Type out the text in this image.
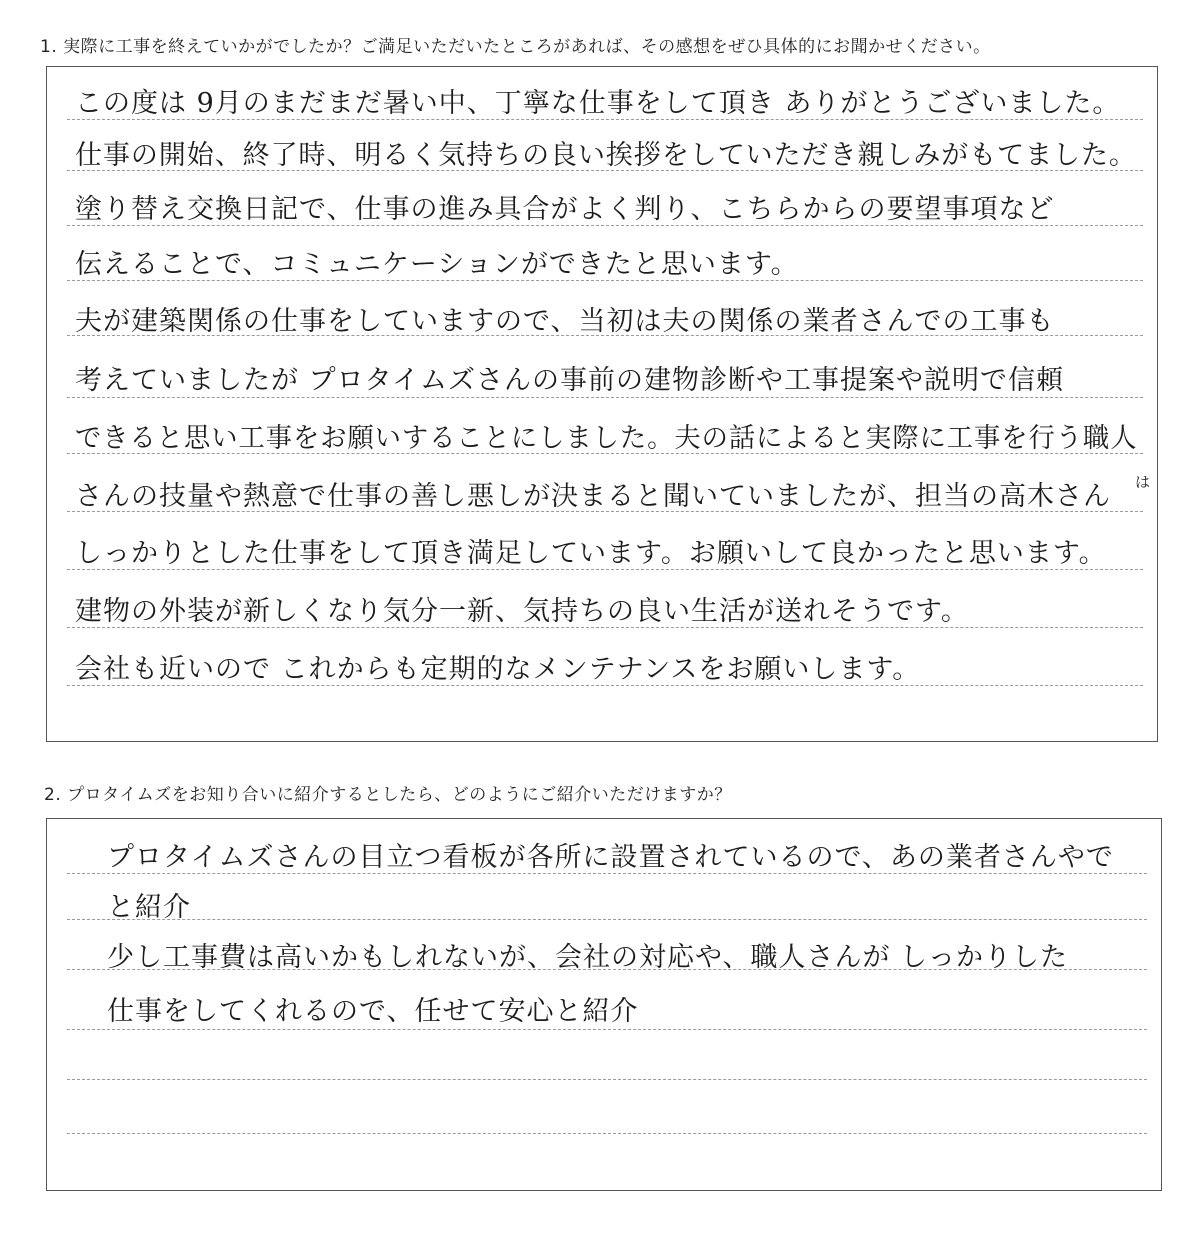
1. 実際に工事を終えていかがでしたか？ご満足いただいたところがあれば、その感想をぜひ具体的にお聞かせください。
この度は 9月のまだまだ暑い中、丁寧な仕事をして頂き ありがとうございました。
仕事の開始、終了時、明るく気持ちの良い挨拶をしていただき親しみがもてました。
塗り替え交換日記で、仕事の進み具合がよく判り、こちらからの要望事項など
伝えることで、コミュニケーションができたと思います。
夫が建築関係の仕事をしていますので、当初は夫の関係の業者さんでの工事も
考えていましたが プロタイムズさんの事前の建物診断や工事提案や説明で信頼
できると思い工事をお願いすることにしました。夫の話によると実際に工事を行う職人
さんの技量や熱意で仕事の善し悪しが決まると聞いていましたが、担当の高木さん は
しっかりとした仕事をして頂き満足しています。お願いして良かったと思います。
建物の外装が新しくなり気分一新、気持ちの良い生活が送れそうです。
会社も近いので これからも定期的なメンテナンスをお願いします。
2. プロタイムズをお知り合いに紹介するとしたら、どのようにご紹介いただけますか？
プロタイムズさんの目立つ看板が各所に設置されているので、あの業者さんやで
と紹介
少し工事費は高いかもしれないが、会社の対応や、職人さんが しっかりした
仕事をしてくれるので、任せて安心と紹介
